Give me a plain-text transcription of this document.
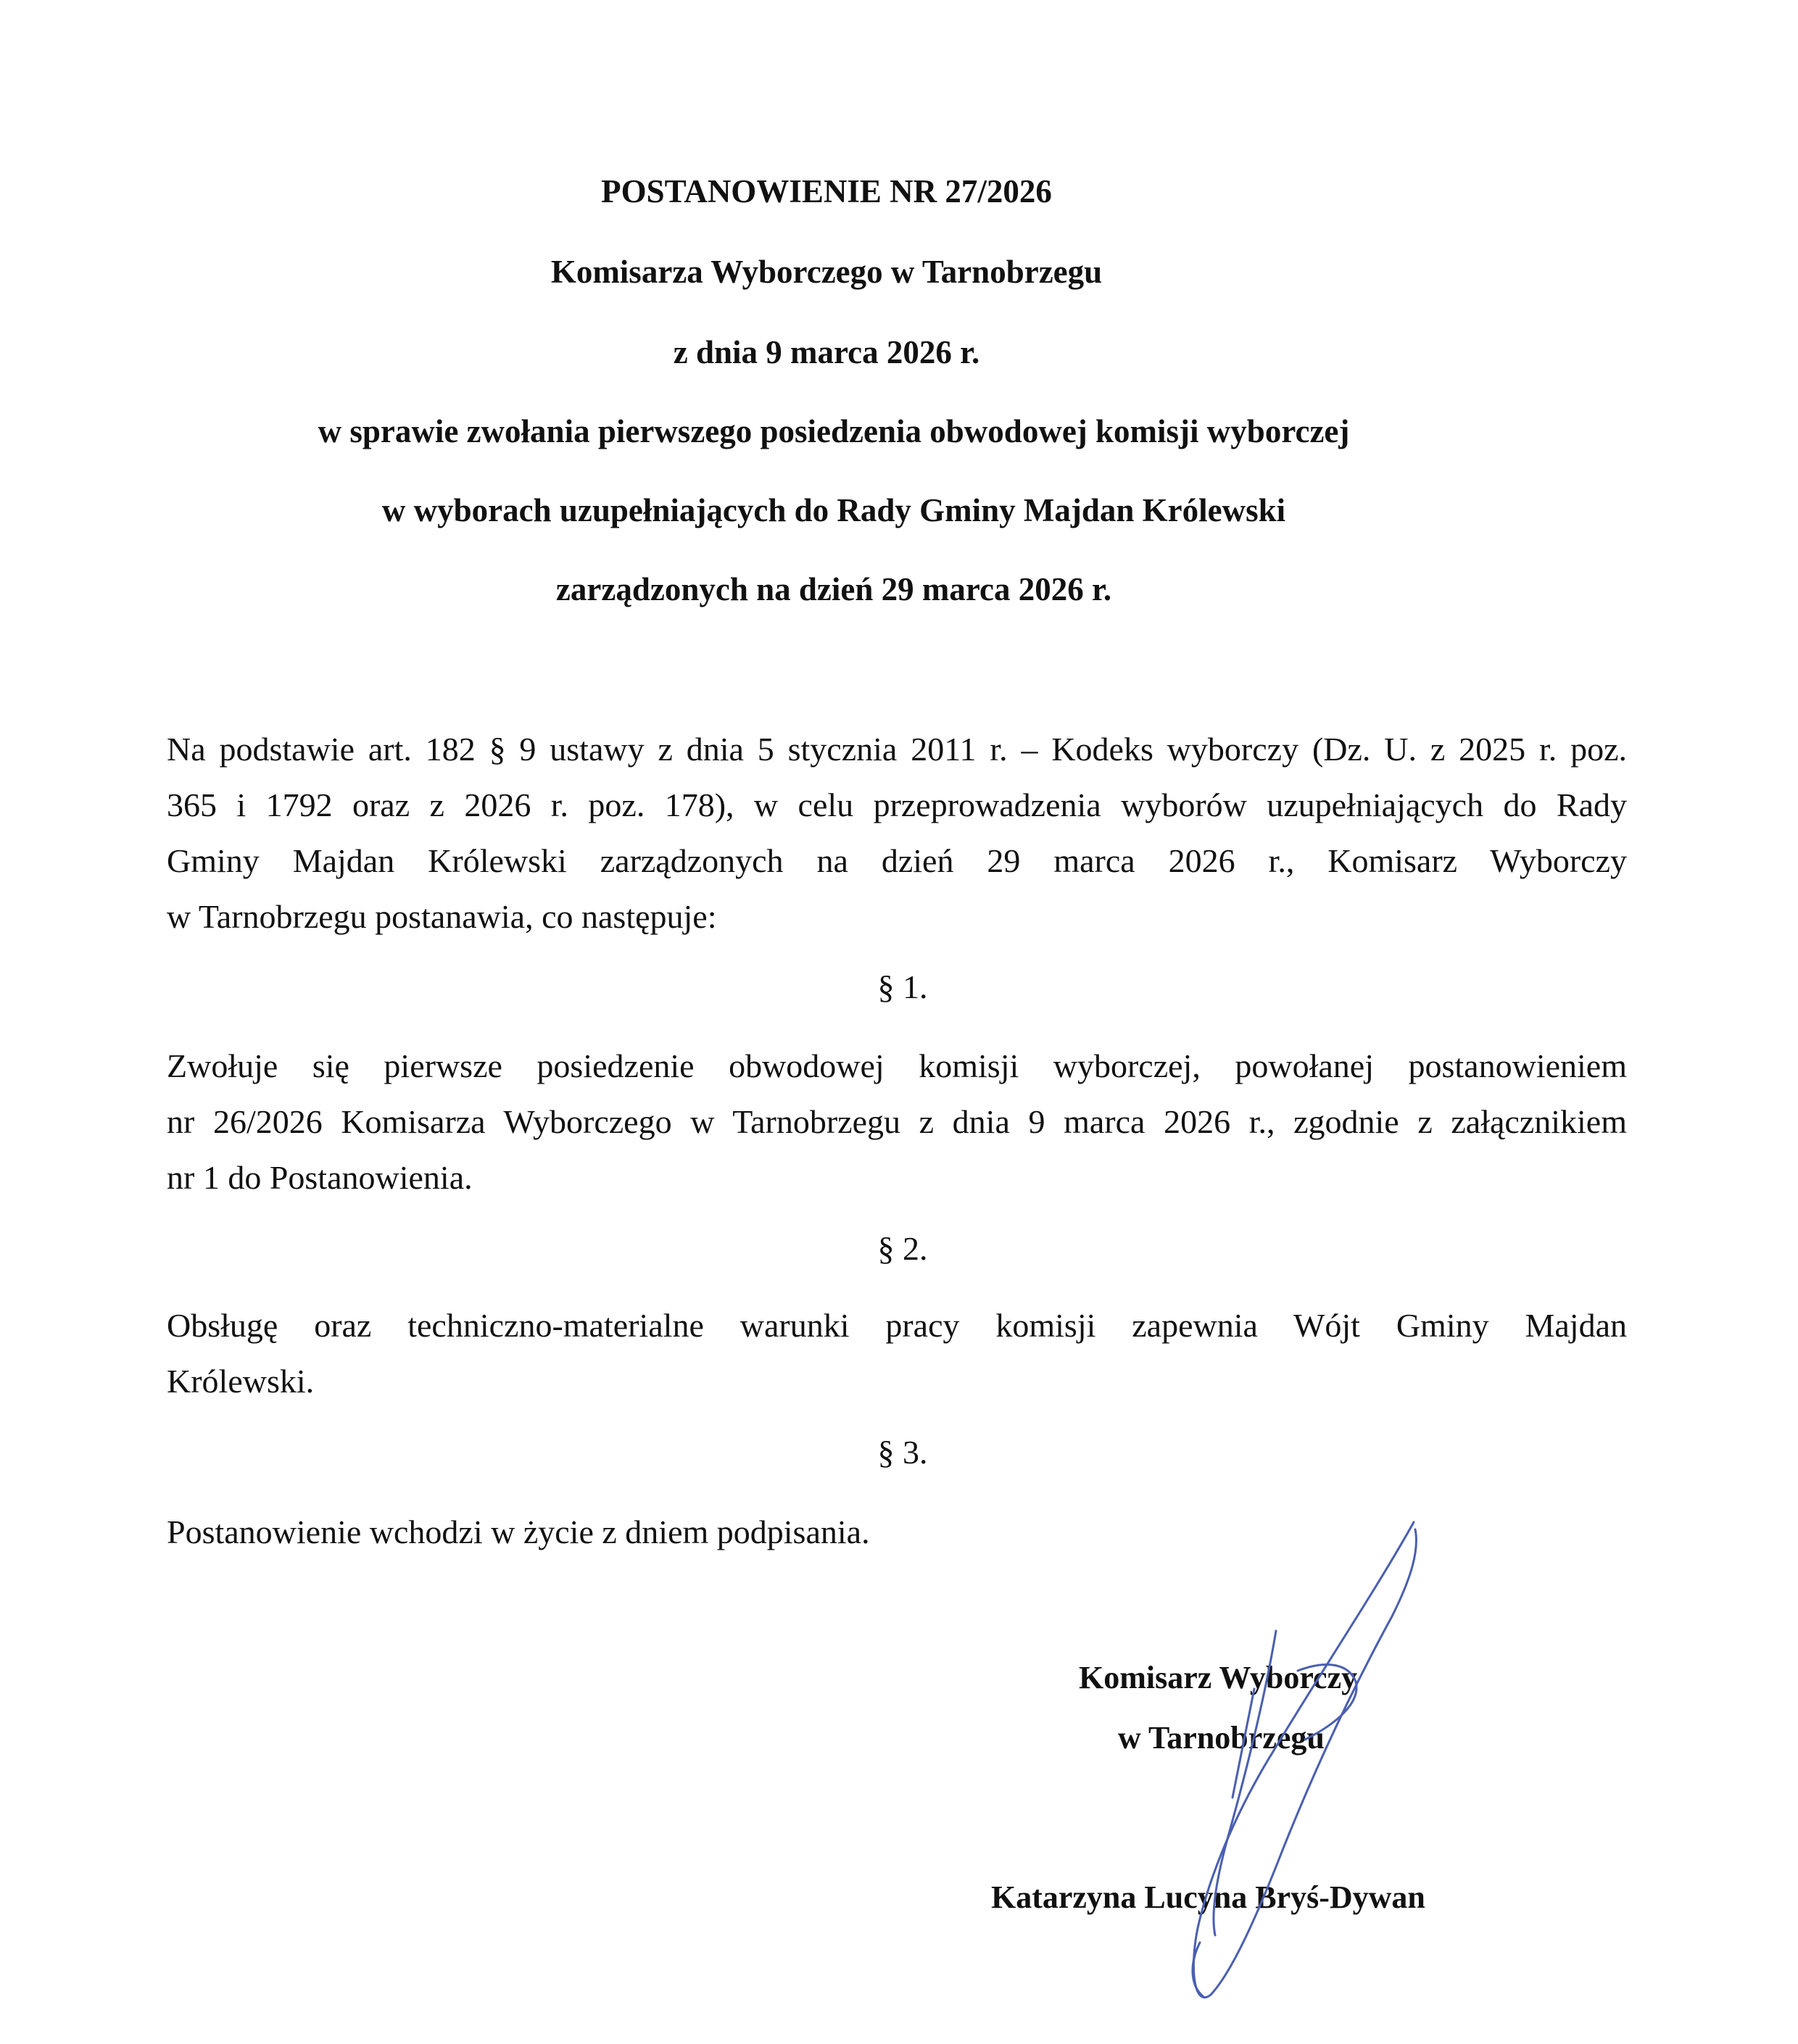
POSTANOWIENIE NR 27/2026
Komisarza Wyborczego w Tarnobrzegu
z dnia 9 marca 2026 r.
w sprawie zwołania pierwszego posiedzenia obwodowej komisji wyborczej
w wyborach uzupełniających do Rady Gminy Majdan Królewski
zarządzonych na dzień 29 marca 2026 r.
Na podstawie art. 182 § 9 ustawy z dnia 5 stycznia 2011 r. – Kodeks wyborczy (Dz. U. z 2025 r. poz.
365 i 1792 oraz z 2026 r. poz. 178), w celu przeprowadzenia wyborów uzupełniających do Rady
Gminy Majdan Królewski zarządzonych na dzień 29 marca 2026 r., Komisarz Wyborczy
w Tarnobrzegu postanawia, co następuje:
§ 1.
Zwołuje się pierwsze posiedzenie obwodowej komisji wyborczej, powołanej postanowieniem
nr 26/2026 Komisarza Wyborczego w Tarnobrzegu z dnia 9 marca 2026 r., zgodnie z załącznikiem
nr 1 do Postanowienia.
§ 2.
Obsługę oraz techniczno-materialne warunki pracy komisji zapewnia Wójt Gminy Majdan
Królewski.
§ 3.
Postanowienie wchodzi w życie z dniem podpisania.
Komisarz Wyborczy
w Tarnobrzegu
Katarzyna Lucyna Bryś-Dywan
